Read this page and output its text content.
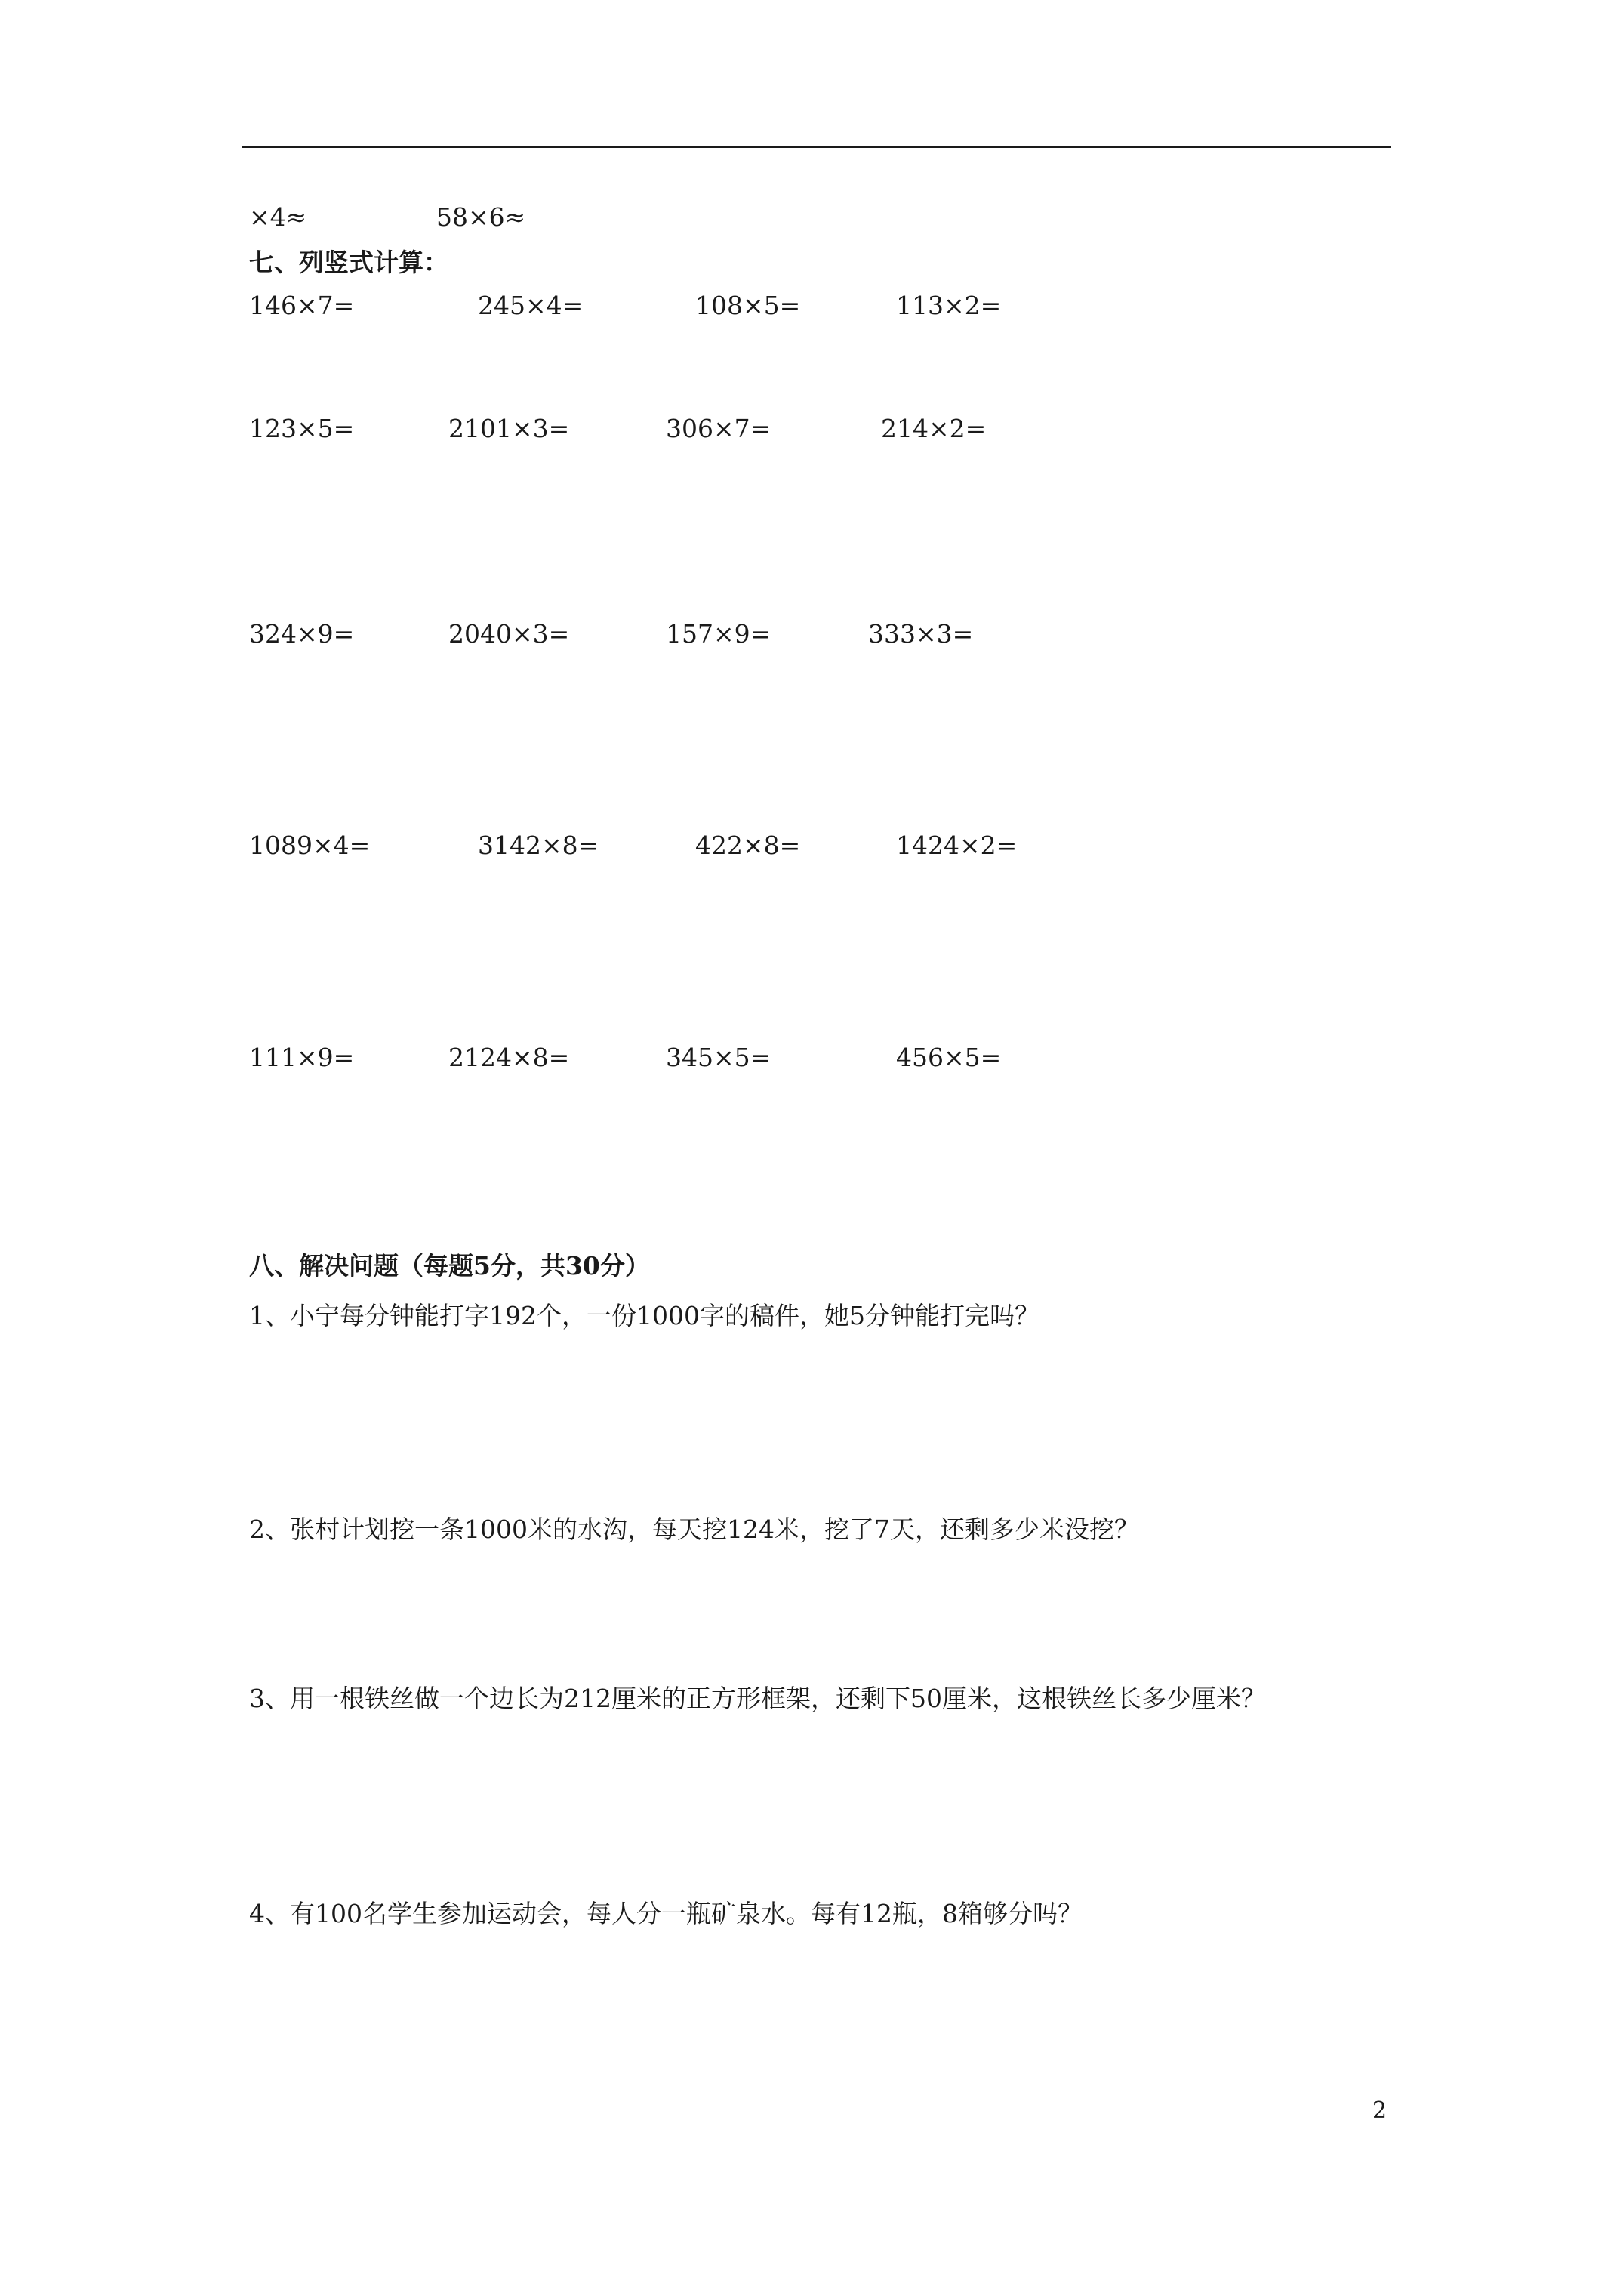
×4≈	58×6≈
七、列竖式计算：
146×7=	245×4=	108×5=	113×2=
123×5=	2101×3=	306×7=	214×2=
324×9=	2040×3=	157×9=	333×3=
1089×4=	3142×8=	422×8=	1424×2=
111×9=	2124×8=	345×5=	456×5=
八、解决问题（每题5分，共30分）
1、小宁每分钟能打字192个，一份1000字的稿件，她5分钟能打完吗？
2、张村计划挖一条1000米的水沟，每天挖124米，挖了7天，还剩多少米没挖？
3、用一根铁丝做一个边长为212厘米的正方形框架，还剩下50厘米，这根铁丝长多少厘米？
4、有100名学生参加运动会，每人分一瓶矿泉水。每有12瓶，8箱够分吗？
2
